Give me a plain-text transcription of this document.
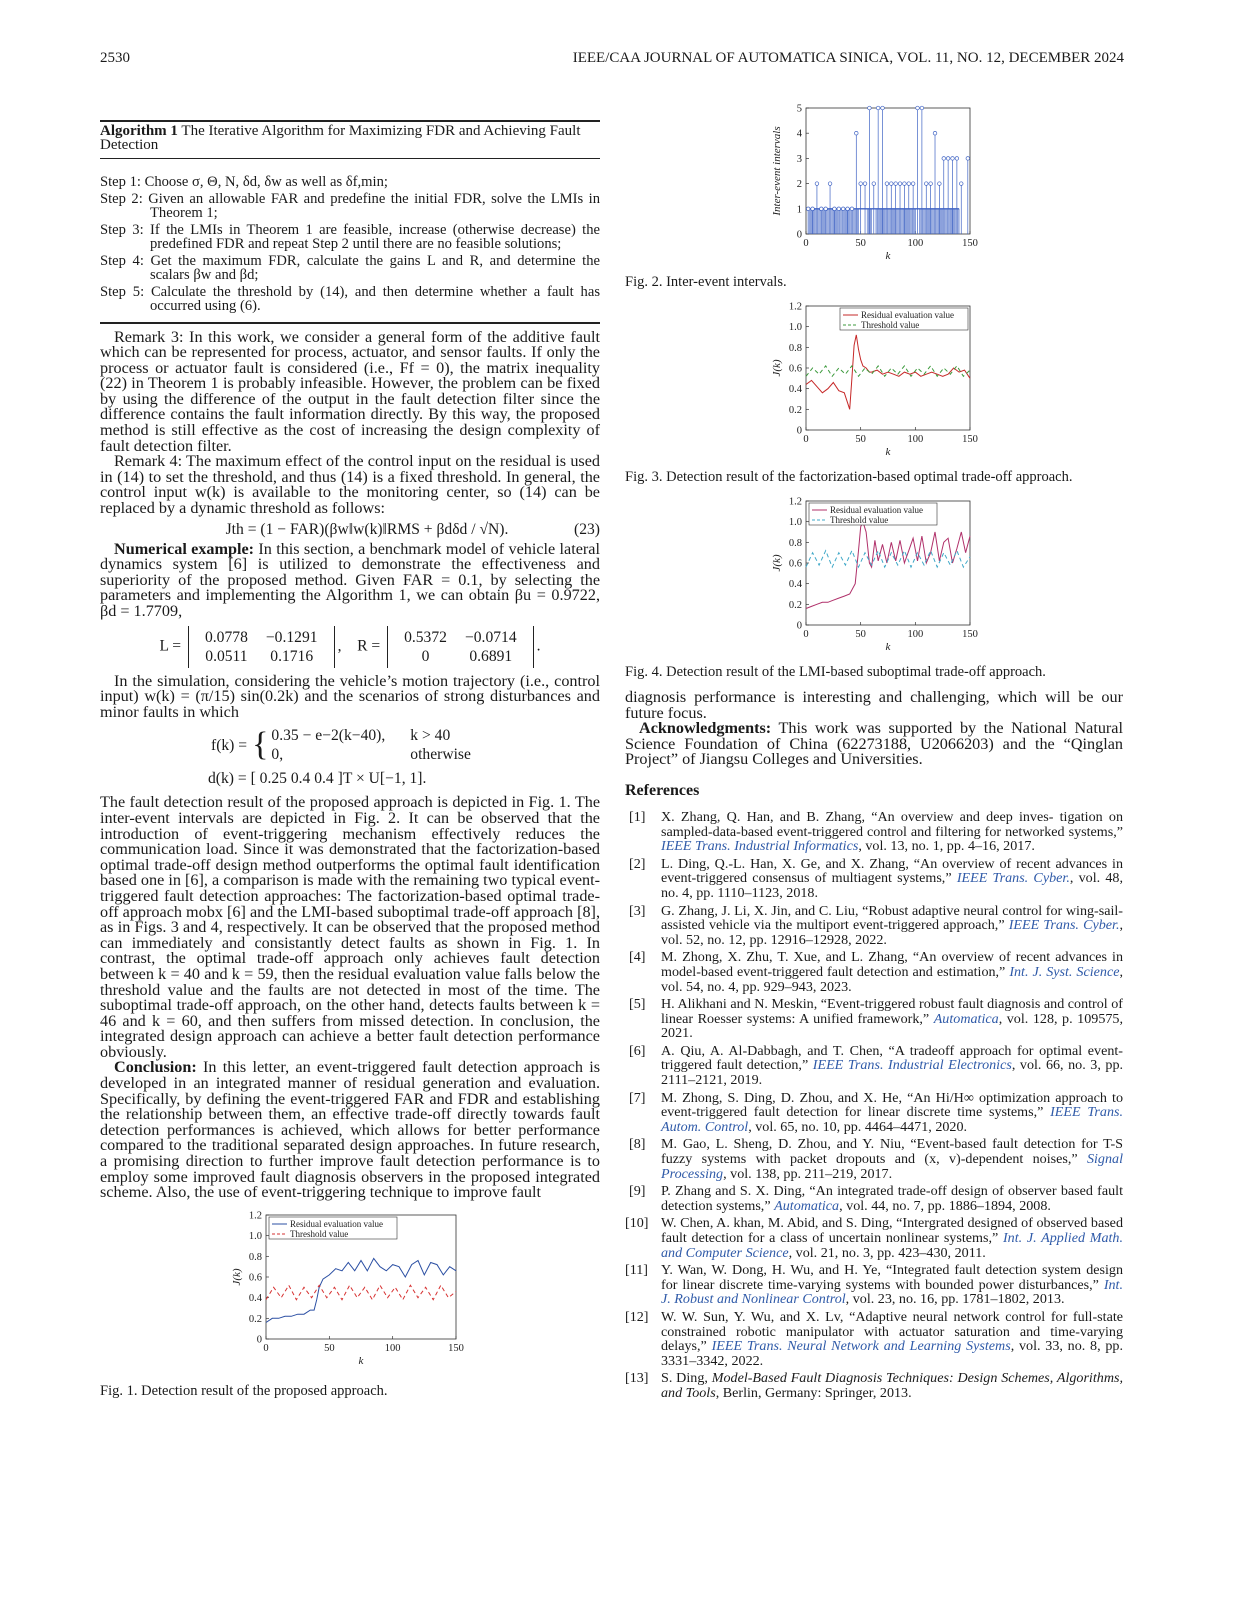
2530	IEEE/CAA JOURNAL OF AUTOMATICA SINICA, VOL. 11, NO. 12, DECEMBER 2024
Algorithm 1 The Iterative Algorithm for Maximizing FDR and Achieving Fault Detection
Step 1: Choose σ, Θ, N, δd, δw as well as δf,min;
Step 2: Given an allowable FAR and predefine the initial FDR, solve the LMIs in Theorem 1;
Step 3: If the LMIs in Theorem 1 are feasible, increase (otherwise decrease) the predefined FDR and repeat Step 2 until there are no feasible solutions;
Step 4: Get the maximum FDR, calculate the gains L and R, and determine the scalars βw and βd;
Step 5: Calculate the threshold by (14), and then determine whether a fault has occurred using (6).

Remark 3: In this work, we consider a general form of the additive fault which can be represented for process, actuator, and sensor faults. If only the process or actuator fault is considered (i.e., Ff = 0), the matrix inequality (22) in Theorem 1 is probably infeasible. However, the problem can be fixed by using the difference of the output in the fault detection filter since the difference contains the fault information directly. By this way, the proposed method is still effective as the cost of increasing the design complexity of fault detection filter.

Remark 4: The maximum effect of the control input on the residual is used in (14) to set the threshold, and thus (14) is a fixed threshold. In general, the control input w(k) is available to the monitoring center, so (14) can be replaced by a dynamic threshold as follows:

Jth = (1 − FAR)(βw‖w(k)‖RMS + βdδd / √N).	(23)

Numerical example: In this section, a benchmark model of vehicle lateral dynamics system [6] is utilized to demonstrate the effectiveness and superiority of the proposed method. Given FAR = 0.1, by selecting the parameters and implementing the Algorithm 1, we can obtain βu = 0.9722, βd = 1.7709,

L = 0.0778	−0.1291
0.0511	0.1716,    R = 0.5372	−0.0714
0	0.6891.

In the simulation, considering the vehicle’s motion trajectory (i.e., control input) w(k) = (π/15) sin(0.2k) and the scenarios of strong disturbances and minor faults in which

f(k) =	{	0.35 − e−2(k−40),	k > 40
		0,	otherwise
d(k) = [ 0.25 0.4 0.4 ]T × U[−1, 1].

The fault detection result of the proposed approach is depicted in Fig. 1. The inter-event intervals are depicted in Fig. 2. It can be observed that the introduction of event-triggering mechanism effectively reduces the communication load. Since it was demonstrated that the factorization-based optimal trade-off design method outperforms the optimal fault identification based one in [6], a comparison is made with the remaining two typical event-triggered fault detection approaches: The factorization-based optimal trade-off approach mobx [6] and the LMI-based suboptimal trade-off approach [8], as in Figs. 3 and 4, respectively. It can be observed that the proposed method can immediately and consistantly detect faults as shown in Fig. 1. In contrast, the optimal trade-off approach only achieves fault detection between k = 40 and k = 59, then the residual evaluation value falls below the threshold value and the faults are not detected in most of the time. The suboptimal trade-off approach, on the other hand, detects faults between k = 46 and k = 60, and then suffers from missed detection. In conclusion, the integrated design approach can achieve a better fault detection performance obviously.

Conclusion: In this letter, an event-triggered fault detection approach is developed in an integrated manner of residual generation and evaluation. Specifically, by defining the event-triggered FAR and FDR and establishing the relationship between them, an effective trade-off directly towards fault detection performances is achieved, which allows for better performance compared to the traditional separated design approaches. In future research, a promising direction to further improve fault detection performance is to employ some improved fault diagnosis observers in the proposed integrated scheme. Also, the use of event-triggering technique to improve fault

0	50	100	150
0
0.2
0.4
0.6
0.8
1.0
1.2
k
J(k)
Residual evaluation value
Threshold value
Fig. 1. Detection result of the proposed approach.
0	50	100	150
0
1
2
3
4
5
k
Inter-event intervals
Fig. 2. Inter-event intervals.
0	50	100	150
0
0.2
0.4
0.6
0.8
1.0
1.2
k
J(k)
Residual evaluation value
Threshold value
Fig. 3. Detection result of the factorization-based optimal trade-off approach.
0	50	100	150
0
0.2
0.4
0.6
0.8
1.0
1.2
k
J(k)
Residual evaluation value
Threshold value
Fig. 4. Detection result of the LMI-based suboptimal trade-off approach.

diagnosis performance is interesting and challenging, which will be our future focus.

Acknowledgments: This work was supported by the National Natural Science Foundation of China (62273188, U2066203) and the “Qinglan Project” of Jiangsu Colleges and Universities.

References
[1] X. Zhang, Q. Han, and B. Zhang, “An overview and deep inves- tigation on sampled-data-based event-triggered control and filtering for networked systems,” IEEE Trans. Industrial Informatics, vol. 13, no. 1, pp. 4–16, 2017.
[2] L. Ding, Q.-L. Han, X. Ge, and X. Zhang, “An overview of recent advances in event-triggered consensus of multiagent systems,” IEEE Trans. Cyber., vol. 48, no. 4, pp. 1110–1123, 2018.
[3] G. Zhang, J. Li, X. Jin, and C. Liu, “Robust adaptive neural control for wing-sail-assisted vehicle via the multiport event-triggered approach,” IEEE Trans. Cyber., vol. 52, no. 12, pp. 12916–12928, 2022.
[4] M. Zhong, X. Zhu, T. Xue, and L. Zhang, “An overview of recent advances in model-based event-triggered fault detection and estimation,” Int. J. Syst. Science, vol. 54, no. 4, pp. 929–943, 2023.
[5] H. Alikhani and N. Meskin, “Event-triggered robust fault diagnosis and control of linear Roesser systems: A unified framework,” Automatica, vol. 128, p. 109575, 2021.
[6] A. Qiu, A. Al-Dabbagh, and T. Chen, “A tradeoff approach for optimal event-triggered fault detection,” IEEE Trans. Industrial Electronics, vol. 66, no. 3, pp. 2111–2121, 2019.
[7] M. Zhong, S. Ding, D. Zhou, and X. He, “An Hi/H∞ optimization approach to event-triggered fault detection for linear discrete time systems,” IEEE Trans. Autom. Control, vol. 65, no. 10, pp. 4464–4471, 2020.
[8] M. Gao, L. Sheng, D. Zhou, and Y. Niu, “Event-based fault detection for T-S fuzzy systems with packet dropouts and (x, v)-dependent noises,” Signal Processing, vol. 138, pp. 211–219, 2017.
[9] P. Zhang and S. X. Ding, “An integrated trade-off design of observer based fault detection systems,” Automatica, vol. 44, no. 7, pp. 1886–1894, 2008.
[10] W. Chen, A. khan, M. Abid, and S. Ding, “Intergrated designed of observed based fault detection for a class of uncertain nonlinear systems,” Int. J. Applied Math. and Computer Science, vol. 21, no. 3, pp. 423–430, 2011.
[11] Y. Wan, W. Dong, H. Wu, and H. Ye, “Integrated fault detection system design for linear discrete time-varying systems with bounded power disturbances,” Int. J. Robust and Nonlinear Control, vol. 23, no. 16, pp. 1781–1802, 2013.
[12] W. W. Sun, Y. Wu, and X. Lv, “Adaptive neural network control for full-state constrained robotic manipulator with actuator saturation and time-varying delays,” IEEE Trans. Neural Network and Learning Systems, vol. 33, no. 8, pp. 3331–3342, 2022.
[13] S. Ding, Model-Based Fault Diagnosis Techniques: Design Schemes, Algorithms, and Tools, Berlin, Germany: Springer, 2013.
